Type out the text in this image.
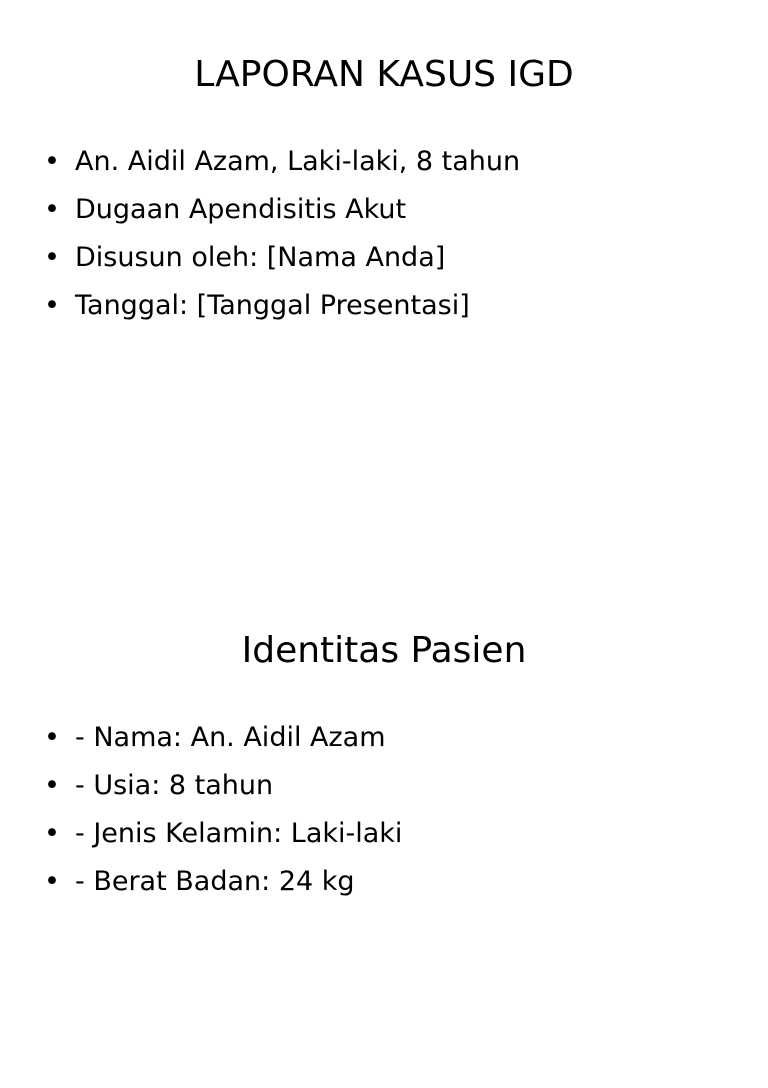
LAPORAN KASUS IGD
• An. Aidil Azam, Laki-laki, 8 tahun
• Dugaan Apendisitis Akut
• Disusun oleh: [Nama Anda]
• Tanggal: [Tanggal Presentasi]
Identitas Pasien
• - Nama: An. Aidil Azam
• - Usia: 8 tahun
• - Jenis Kelamin: Laki-laki
• - Berat Badan: 24 kg
